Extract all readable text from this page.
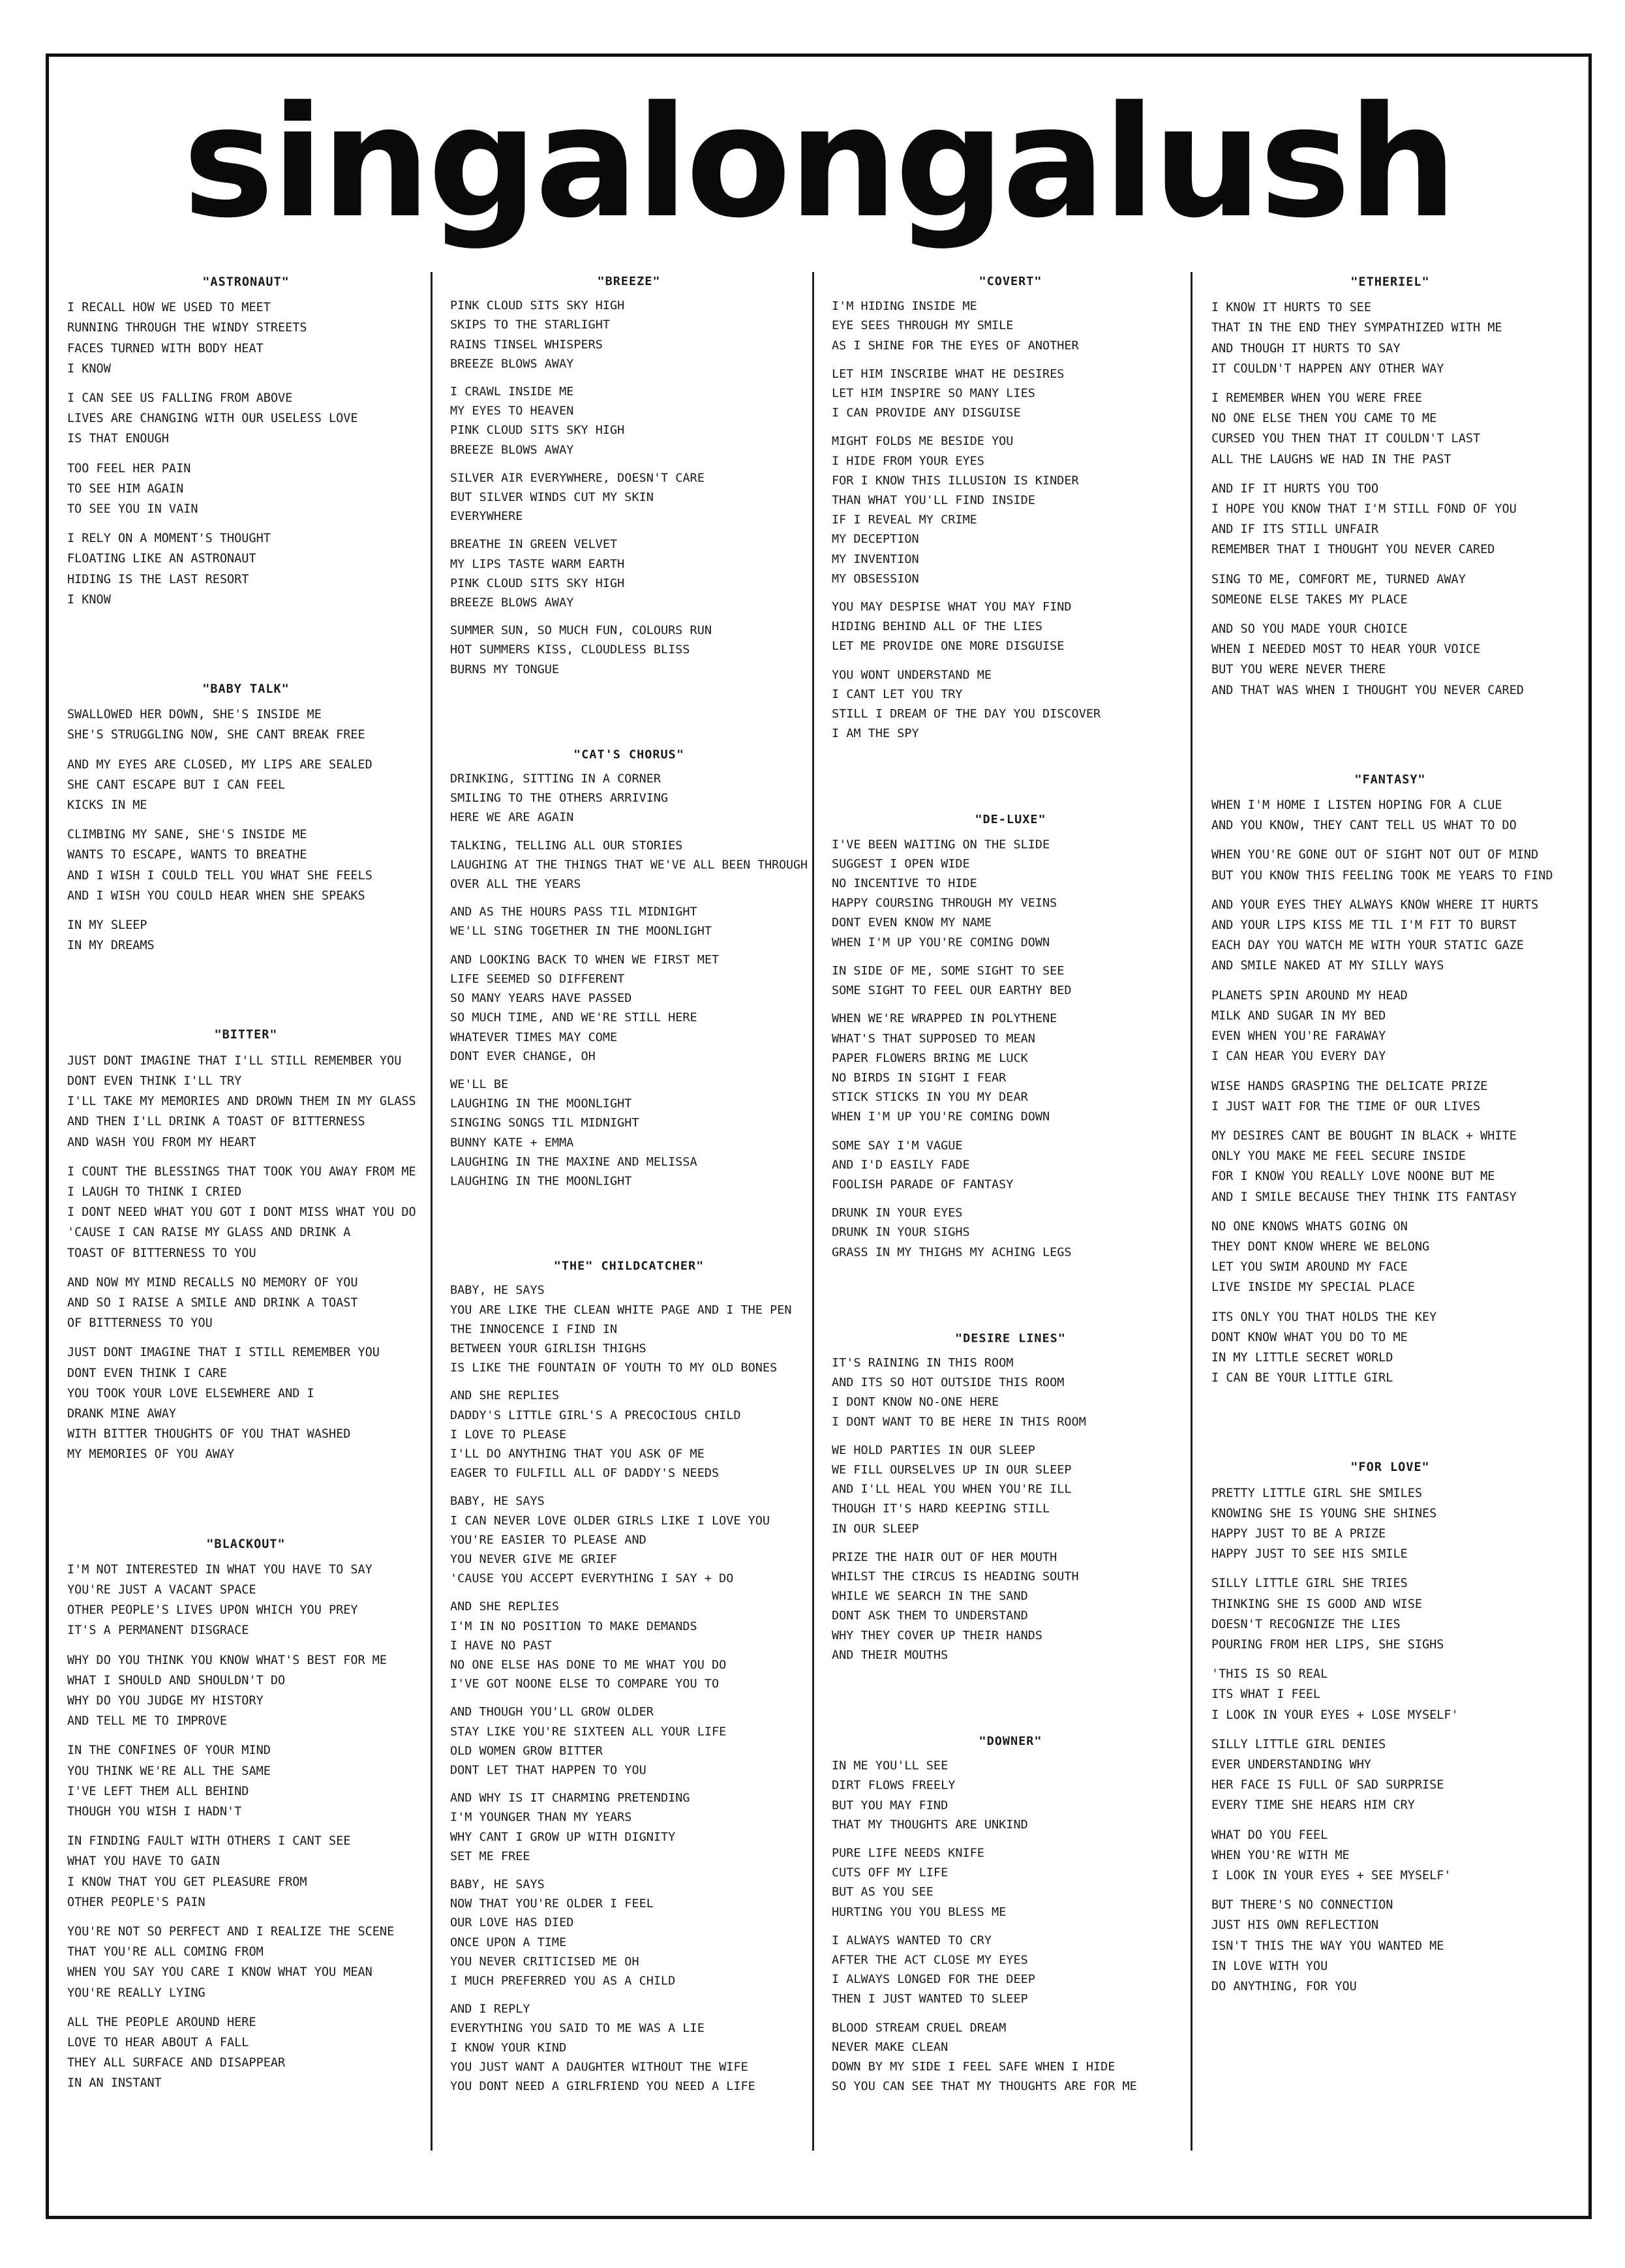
singalongalush
"ASTRONAUT"
I RECALL HOW WE USED TO MEET
RUNNING THROUGH THE WINDY STREETS
FACES TURNED WITH BODY HEAT
I KNOW
I CAN SEE US FALLING FROM ABOVE
LIVES ARE CHANGING WITH OUR USELESS LOVE
IS THAT ENOUGH
TOO FEEL HER PAIN
TO SEE HIM AGAIN
TO SEE YOU IN VAIN
I RELY ON A MOMENT'S THOUGHT
FLOATING LIKE AN ASTRONAUT
HIDING IS THE LAST RESORT
I KNOW
"BABY TALK"
SWALLOWED HER DOWN, SHE'S INSIDE ME
SHE'S STRUGGLING NOW, SHE CANT BREAK FREE
AND MY EYES ARE CLOSED, MY LIPS ARE SEALED
SHE CANT ESCAPE BUT I CAN FEEL
KICKS IN ME
CLIMBING MY SANE, SHE'S INSIDE ME
WANTS TO ESCAPE, WANTS TO BREATHE
AND I WISH I COULD TELL YOU WHAT SHE FEELS
AND I WISH YOU COULD HEAR WHEN SHE SPEAKS
IN MY SLEEP
IN MY DREAMS
"BITTER"
JUST DONT IMAGINE THAT I'LL STILL REMEMBER YOU
DONT EVEN THINK I'LL TRY
I'LL TAKE MY MEMORIES AND DROWN THEM IN MY GLASS
AND THEN I'LL DRINK A TOAST OF BITTERNESS
AND WASH YOU FROM MY HEART
I COUNT THE BLESSINGS THAT TOOK YOU AWAY FROM ME
I LAUGH TO THINK I CRIED
I DONT NEED WHAT YOU GOT I DONT MISS WHAT YOU DO
'CAUSE I CAN RAISE MY GLASS AND DRINK A
TOAST OF BITTERNESS TO YOU
AND NOW MY MIND RECALLS NO MEMORY OF YOU
AND SO I RAISE A SMILE AND DRINK A TOAST
OF BITTERNESS TO YOU
JUST DONT IMAGINE THAT I STILL REMEMBER YOU
DONT EVEN THINK I CARE
YOU TOOK YOUR LOVE ELSEWHERE AND I
DRANK MINE AWAY
WITH BITTER THOUGHTS OF YOU THAT WASHED
MY MEMORIES OF YOU AWAY
"BLACKOUT"
I'M NOT INTERESTED IN WHAT YOU HAVE TO SAY
YOU'RE JUST A VACANT SPACE
OTHER PEOPLE'S LIVES UPON WHICH YOU PREY
IT'S A PERMANENT DISGRACE
WHY DO YOU THINK YOU KNOW WHAT'S BEST FOR ME
WHAT I SHOULD AND SHOULDN'T DO
WHY DO YOU JUDGE MY HISTORY
AND TELL ME TO IMPROVE
IN THE CONFINES OF YOUR MIND
YOU THINK WE'RE ALL THE SAME
I'VE LEFT THEM ALL BEHIND
THOUGH YOU WISH I HADN'T
IN FINDING FAULT WITH OTHERS I CANT SEE
WHAT YOU HAVE TO GAIN
I KNOW THAT YOU GET PLEASURE FROM
OTHER PEOPLE'S PAIN
YOU'RE NOT SO PERFECT AND I REALIZE THE SCENE
THAT YOU'RE ALL COMING FROM
WHEN YOU SAY YOU CARE I KNOW WHAT YOU MEAN
YOU'RE REALLY LYING
ALL THE PEOPLE AROUND HERE
LOVE TO HEAR ABOUT A FALL
THEY ALL SURFACE AND DISAPPEAR
IN AN INSTANT
"BREEZE"
PINK CLOUD SITS SKY HIGH
SKIPS TO THE STARLIGHT
RAINS TINSEL WHISPERS
BREEZE BLOWS AWAY
I CRAWL INSIDE ME
MY EYES TO HEAVEN
PINK CLOUD SITS SKY HIGH
BREEZE BLOWS AWAY
SILVER AIR EVERYWHERE, DOESN'T CARE
BUT SILVER WINDS CUT MY SKIN
EVERYWHERE
BREATHE IN GREEN VELVET
MY LIPS TASTE WARM EARTH
PINK CLOUD SITS SKY HIGH
BREEZE BLOWS AWAY
SUMMER SUN, SO MUCH FUN, COLOURS RUN
HOT SUMMERS KISS, CLOUDLESS BLISS
BURNS MY TONGUE
"CAT'S CHORUS"
DRINKING, SITTING IN A CORNER
SMILING TO THE OTHERS ARRIVING
HERE WE ARE AGAIN
TALKING, TELLING ALL OUR STORIES
LAUGHING AT THE THINGS THAT WE'VE ALL BEEN THROUGH
OVER ALL THE YEARS
AND AS THE HOURS PASS TIL MIDNIGHT
WE'LL SING TOGETHER IN THE MOONLIGHT
AND LOOKING BACK TO WHEN WE FIRST MET
LIFE SEEMED SO DIFFERENT
SO MANY YEARS HAVE PASSED
SO MUCH TIME, AND WE'RE STILL HERE
WHATEVER TIMES MAY COME
DONT EVER CHANGE, OH
WE'LL BE
LAUGHING IN THE MOONLIGHT
SINGING SONGS TIL MIDNIGHT
BUNNY KATE + EMMA
LAUGHING IN THE MAXINE AND MELISSA
LAUGHING IN THE MOONLIGHT
"THE" CHILDCATCHER"
BABY, HE SAYS
YOU ARE LIKE THE CLEAN WHITE PAGE AND I THE PEN
THE INNOCENCE I FIND IN
BETWEEN YOUR GIRLISH THIGHS
IS LIKE THE FOUNTAIN OF YOUTH TO MY OLD BONES
AND SHE REPLIES
DADDY'S LITTLE GIRL'S A PRECOCIOUS CHILD
I LOVE TO PLEASE
I'LL DO ANYTHING THAT YOU ASK OF ME
EAGER TO FULFILL ALL OF DADDY'S NEEDS
BABY, HE SAYS
I CAN NEVER LOVE OLDER GIRLS LIKE I LOVE YOU
YOU'RE EASIER TO PLEASE AND
YOU NEVER GIVE ME GRIEF
'CAUSE YOU ACCEPT EVERYTHING I SAY + DO
AND SHE REPLIES
I'M IN NO POSITION TO MAKE DEMANDS
I HAVE NO PAST
NO ONE ELSE HAS DONE TO ME WHAT YOU DO
I'VE GOT NOONE ELSE TO COMPARE YOU TO
AND THOUGH YOU'LL GROW OLDER
STAY LIKE YOU'RE SIXTEEN ALL YOUR LIFE
OLD WOMEN GROW BITTER
DONT LET THAT HAPPEN TO YOU
AND WHY IS IT CHARMING PRETENDING
I'M YOUNGER THAN MY YEARS
WHY CANT I GROW UP WITH DIGNITY
SET ME FREE
BABY, HE SAYS
NOW THAT YOU'RE OLDER I FEEL
OUR LOVE HAS DIED
ONCE UPON A TIME
YOU NEVER CRITICISED ME OH
I MUCH PREFERRED YOU AS A CHILD
AND I REPLY
EVERYTHING YOU SAID TO ME WAS A LIE
I KNOW YOUR KIND
YOU JUST WANT A DAUGHTER WITHOUT THE WIFE
YOU DONT NEED A GIRLFRIEND YOU NEED A LIFE
"COVERT"
I'M HIDING INSIDE ME
EYE SEES THROUGH MY SMILE
AS I SHINE FOR THE EYES OF ANOTHER
LET HIM INSCRIBE WHAT HE DESIRES
LET HIM INSPIRE SO MANY LIES
I CAN PROVIDE ANY DISGUISE
MIGHT FOLDS ME BESIDE YOU
I HIDE FROM YOUR EYES
FOR I KNOW THIS ILLUSION IS KINDER
THAN WHAT YOU'LL FIND INSIDE
IF I REVEAL MY CRIME
MY DECEPTION
MY INVENTION
MY OBSESSION
YOU MAY DESPISE WHAT YOU MAY FIND
HIDING BEHIND ALL OF THE LIES
LET ME PROVIDE ONE MORE DISGUISE
YOU WONT UNDERSTAND ME
I CANT LET YOU TRY
STILL I DREAM OF THE DAY YOU DISCOVER
I AM THE SPY
"DE-LUXE"
I'VE BEEN WAITING ON THE SLIDE
SUGGEST I OPEN WIDE
NO INCENTIVE TO HIDE
HAPPY COURSING THROUGH MY VEINS
DONT EVEN KNOW MY NAME
WHEN I'M UP YOU'RE COMING DOWN
IN SIDE OF ME, SOME SIGHT TO SEE
SOME SIGHT TO FEEL OUR EARTHY BED
WHEN WE'RE WRAPPED IN POLYTHENE
WHAT'S THAT SUPPOSED TO MEAN
PAPER FLOWERS BRING ME LUCK
NO BIRDS IN SIGHT I FEAR
STICK STICKS IN YOU MY DEAR
WHEN I'M UP YOU'RE COMING DOWN
SOME SAY I'M VAGUE
AND I'D EASILY FADE
FOOLISH PARADE OF FANTASY
DRUNK IN YOUR EYES
DRUNK IN YOUR SIGHS
GRASS IN MY THIGHS MY ACHING LEGS
"DESIRE LINES"
IT'S RAINING IN THIS ROOM
AND ITS SO HOT OUTSIDE THIS ROOM
I DONT KNOW NO-ONE HERE
I DONT WANT TO BE HERE IN THIS ROOM
WE HOLD PARTIES IN OUR SLEEP
WE FILL OURSELVES UP IN OUR SLEEP
AND I'LL HEAL YOU WHEN YOU'RE ILL
THOUGH IT'S HARD KEEPING STILL
IN OUR SLEEP
PRIZE THE HAIR OUT OF HER MOUTH
WHILST THE CIRCUS IS HEADING SOUTH
WHILE WE SEARCH IN THE SAND
DONT ASK THEM TO UNDERSTAND
WHY THEY COVER UP THEIR HANDS
AND THEIR MOUTHS
"DOWNER"
IN ME YOU'LL SEE
DIRT FLOWS FREELY
BUT YOU MAY FIND
THAT MY THOUGHTS ARE UNKIND
PURE LIFE NEEDS KNIFE
CUTS OFF MY LIFE
BUT AS YOU SEE
HURTING YOU YOU BLESS ME
I ALWAYS WANTED TO CRY
AFTER THE ACT CLOSE MY EYES
I ALWAYS LONGED FOR THE DEEP
THEN I JUST WANTED TO SLEEP
BLOOD STREAM CRUEL DREAM
NEVER MAKE CLEAN
DOWN BY MY SIDE I FEEL SAFE WHEN I HIDE
SO YOU CAN SEE THAT MY THOUGHTS ARE FOR ME
"ETHERIEL"
I KNOW IT HURTS TO SEE
THAT IN THE END THEY SYMPATHIZED WITH ME
AND THOUGH IT HURTS TO SAY
IT COULDN'T HAPPEN ANY OTHER WAY
I REMEMBER WHEN YOU WERE FREE
NO ONE ELSE THEN YOU CAME TO ME
CURSED YOU THEN THAT IT COULDN'T LAST
ALL THE LAUGHS WE HAD IN THE PAST
AND IF IT HURTS YOU TOO
I HOPE YOU KNOW THAT I'M STILL FOND OF YOU
AND IF ITS STILL UNFAIR
REMEMBER THAT I THOUGHT YOU NEVER CARED
SING TO ME, COMFORT ME, TURNED AWAY
SOMEONE ELSE TAKES MY PLACE
AND SO YOU MADE YOUR CHOICE
WHEN I NEEDED MOST TO HEAR YOUR VOICE
BUT YOU WERE NEVER THERE
AND THAT WAS WHEN I THOUGHT YOU NEVER CARED
"FANTASY"
WHEN I'M HOME I LISTEN HOPING FOR A CLUE
AND YOU KNOW, THEY CANT TELL US WHAT TO DO
WHEN YOU'RE GONE OUT OF SIGHT NOT OUT OF MIND
BUT YOU KNOW THIS FEELING TOOK ME YEARS TO FIND
AND YOUR EYES THEY ALWAYS KNOW WHERE IT HURTS
AND YOUR LIPS KISS ME TIL I'M FIT TO BURST
EACH DAY YOU WATCH ME WITH YOUR STATIC GAZE
AND SMILE NAKED AT MY SILLY WAYS
PLANETS SPIN AROUND MY HEAD
MILK AND SUGAR IN MY BED
EVEN WHEN YOU'RE FARAWAY
I CAN HEAR YOU EVERY DAY
WISE HANDS GRASPING THE DELICATE PRIZE
I JUST WAIT FOR THE TIME OF OUR LIVES
MY DESIRES CANT BE BOUGHT IN BLACK + WHITE
ONLY YOU MAKE ME FEEL SECURE INSIDE
FOR I KNOW YOU REALLY LOVE NOONE BUT ME
AND I SMILE BECAUSE THEY THINK ITS FANTASY
NO ONE KNOWS WHATS GOING ON
THEY DONT KNOW WHERE WE BELONG
LET YOU SWIM AROUND MY FACE
LIVE INSIDE MY SPECIAL PLACE
ITS ONLY YOU THAT HOLDS THE KEY
DONT KNOW WHAT YOU DO TO ME
IN MY LITTLE SECRET WORLD
I CAN BE YOUR LITTLE GIRL
"FOR LOVE"
PRETTY LITTLE GIRL SHE SMILES
KNOWING SHE IS YOUNG SHE SHINES
HAPPY JUST TO BE A PRIZE
HAPPY JUST TO SEE HIS SMILE
SILLY LITTLE GIRL SHE TRIES
THINKING SHE IS GOOD AND WISE
DOESN'T RECOGNIZE THE LIES
POURING FROM HER LIPS, SHE SIGHS
'THIS IS SO REAL
ITS WHAT I FEEL
I LOOK IN YOUR EYES + LOSE MYSELF'
SILLY LITTLE GIRL DENIES
EVER UNDERSTANDING WHY
HER FACE IS FULL OF SAD SURPRISE
EVERY TIME SHE HEARS HIM CRY
WHAT DO YOU FEEL
WHEN YOU'RE WITH ME
I LOOK IN YOUR EYES + SEE MYSELF'
BUT THERE'S NO CONNECTION
JUST HIS OWN REFLECTION
ISN'T THIS THE WAY YOU WANTED ME
IN LOVE WITH YOU
DO ANYTHING, FOR YOU
